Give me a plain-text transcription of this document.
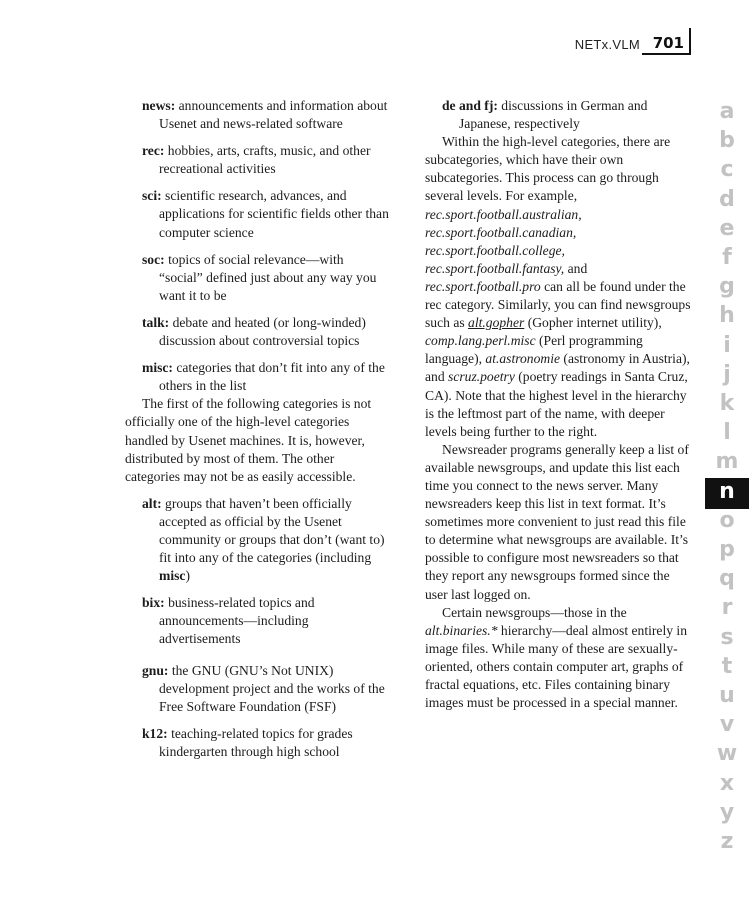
NETx.VLM 701

news: announcements and information about Usenet and news-related software

rec: hobbies, arts, crafts, music, and other recreational activities

sci: scientific research, advances, and applications for scientific fields other than computer science

soc: topics of social relevance—with “social” defined just about any way you want it to be

talk: debate and heated (or long-winded) discussion about controversial topics

misc: categories that don’t fit into any of the others in the list

The first of the following categories is not officially one of the high-level categories handled by Usenet machines. It is, however, distributed by most of them. The other categories may not be as easily accessible.

alt: groups that haven’t been officially accepted as official by the Usenet community or groups that don’t (want to) fit into any of the categories (including misc)

bix: business-related topics and announcements—including advertisements

gnu: the GNU (GNU’s Not UNIX) development project and the works of the Free Software Foundation (FSF)

k12: teaching-related topics for grades kindergarten through high school

de and fj: discussions in German and Japanese, respectively

Within the high-level categories, there are subcategories, which have their own subcategories. This process can go through several levels. For example, rec.sport.football.australian, rec.sport.football.canadian, rec.sport.football.college, rec.sport.football.fantasy, and rec.sport.football.pro can all be found under the rec category. Similarly, you can find newsgroups such as alt.gopher (Gopher internet utility), comp.lang.perl.misc (Perl programming language), at.astronomie (astronomy in Austria), and scruz.poetry (poetry readings in Santa Cruz, CA). Note that the highest level in the hierarchy is the leftmost part of the name, with deeper levels being further to the right.

Newsreader programs generally keep a list of available newsgroups, and update this list each time you connect to the news server. Many newsreaders keep this list in text format. It’s sometimes more convenient to just read this file to determine what newsgroups are available. It’s possible to configure most newsreaders so that they report any newsgroups formed since the user last logged on.

Certain newsgroups—those in the alt.binaries.* hierarchy—deal almost entirely in image files. While many of these are sexually-oriented, others contain computer art, graphs of fractal equations, etc. Files containing binary images must be processed in a special manner.

a
b
c
d
e
f
g
h
i
j
k
l
m
n
o
p
q
r
s
t
u
v
w
x
y
z
